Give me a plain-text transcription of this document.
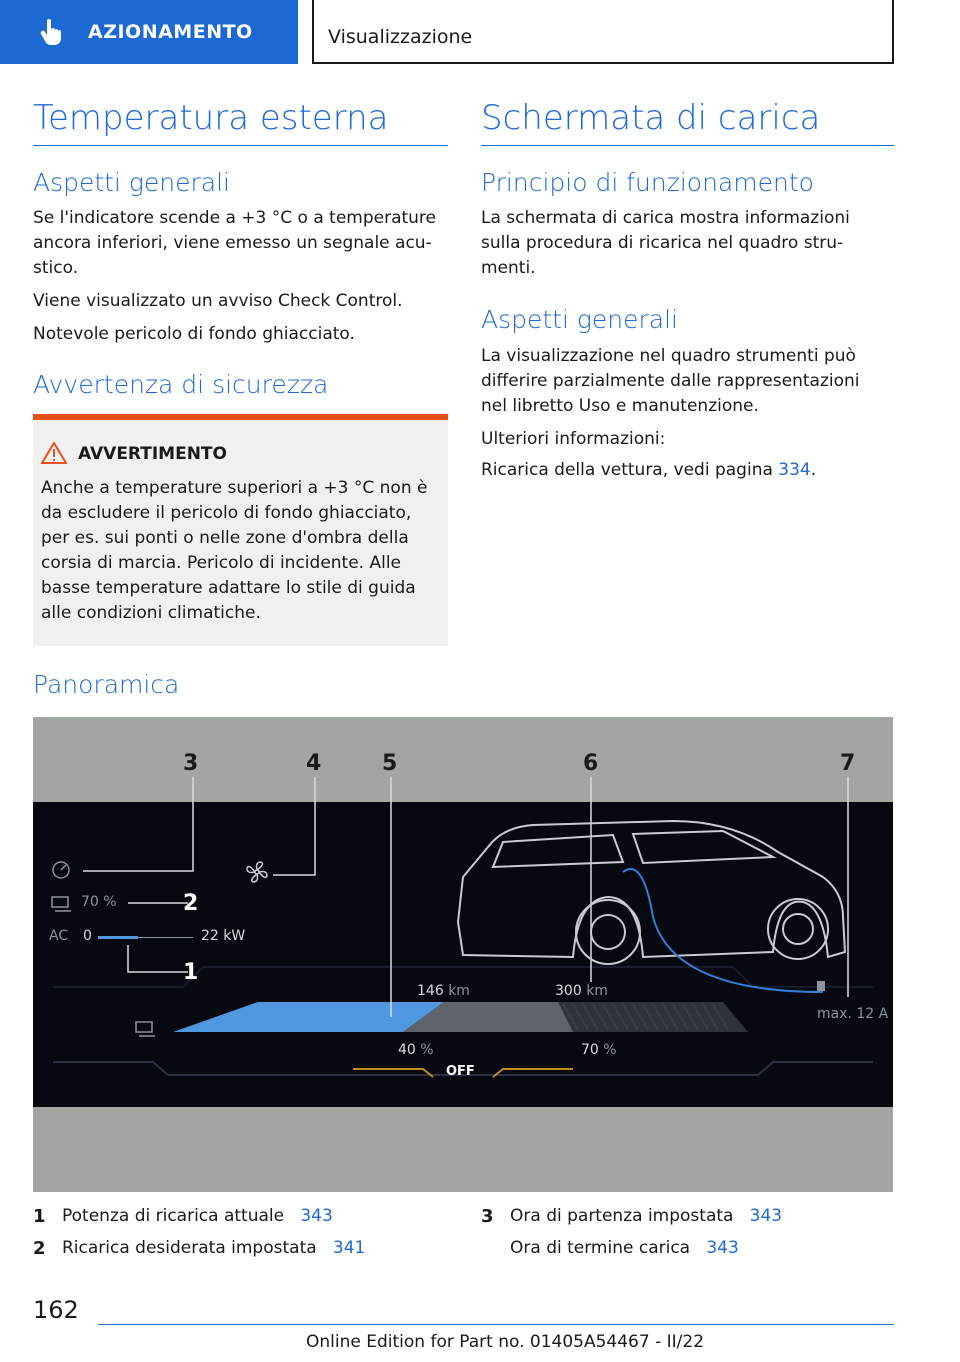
AZIONAMENTO	Visualizzazione
Temperatura esterna
Aspetti generali
Se l'indicatore scende a +3 °C o a temperature ancora inferiori, viene emesso un segnale acu-stico.
Viene visualizzato un avviso Check Control.
Notevole pericolo di fondo ghiacciato.
Avvertenza di sicurezza
AVVERTIMENTO
Anche a temperature superiori a +3 °C non è da escludere il pericolo di fondo ghiacciato, per es. sui ponti o nelle zone d'ombra della corsia di marcia. Pericolo di incidente. Alle basse temperature adattare lo stile di guida alle condizioni climatiche.
Schermata di carica
Principio di funzionamento
La schermata di carica mostra informazioni sulla procedura di ricarica nel quadro stru-menti.
Aspetti generali
La visualizzazione nel quadro strumenti può differire parzialmente dalle rappresentazioni nel libretto Uso e manutenzione.
Ulteriori informazioni:
Ricarica della vettura, vedi pagina 334.
Panoramica
3	4	5	6	7
2
1
70 %
AC 0	22 kW
146 km	300 km
max. 12 A
40 %	70 %
OFF
1 Potenza di ricarica attuale 343
2 Ricarica desiderata impostata 341
3 Ora di partenza impostata 343
Ora di termine carica 343
162
Online Edition for Part no. 01405A54467 - II/22
